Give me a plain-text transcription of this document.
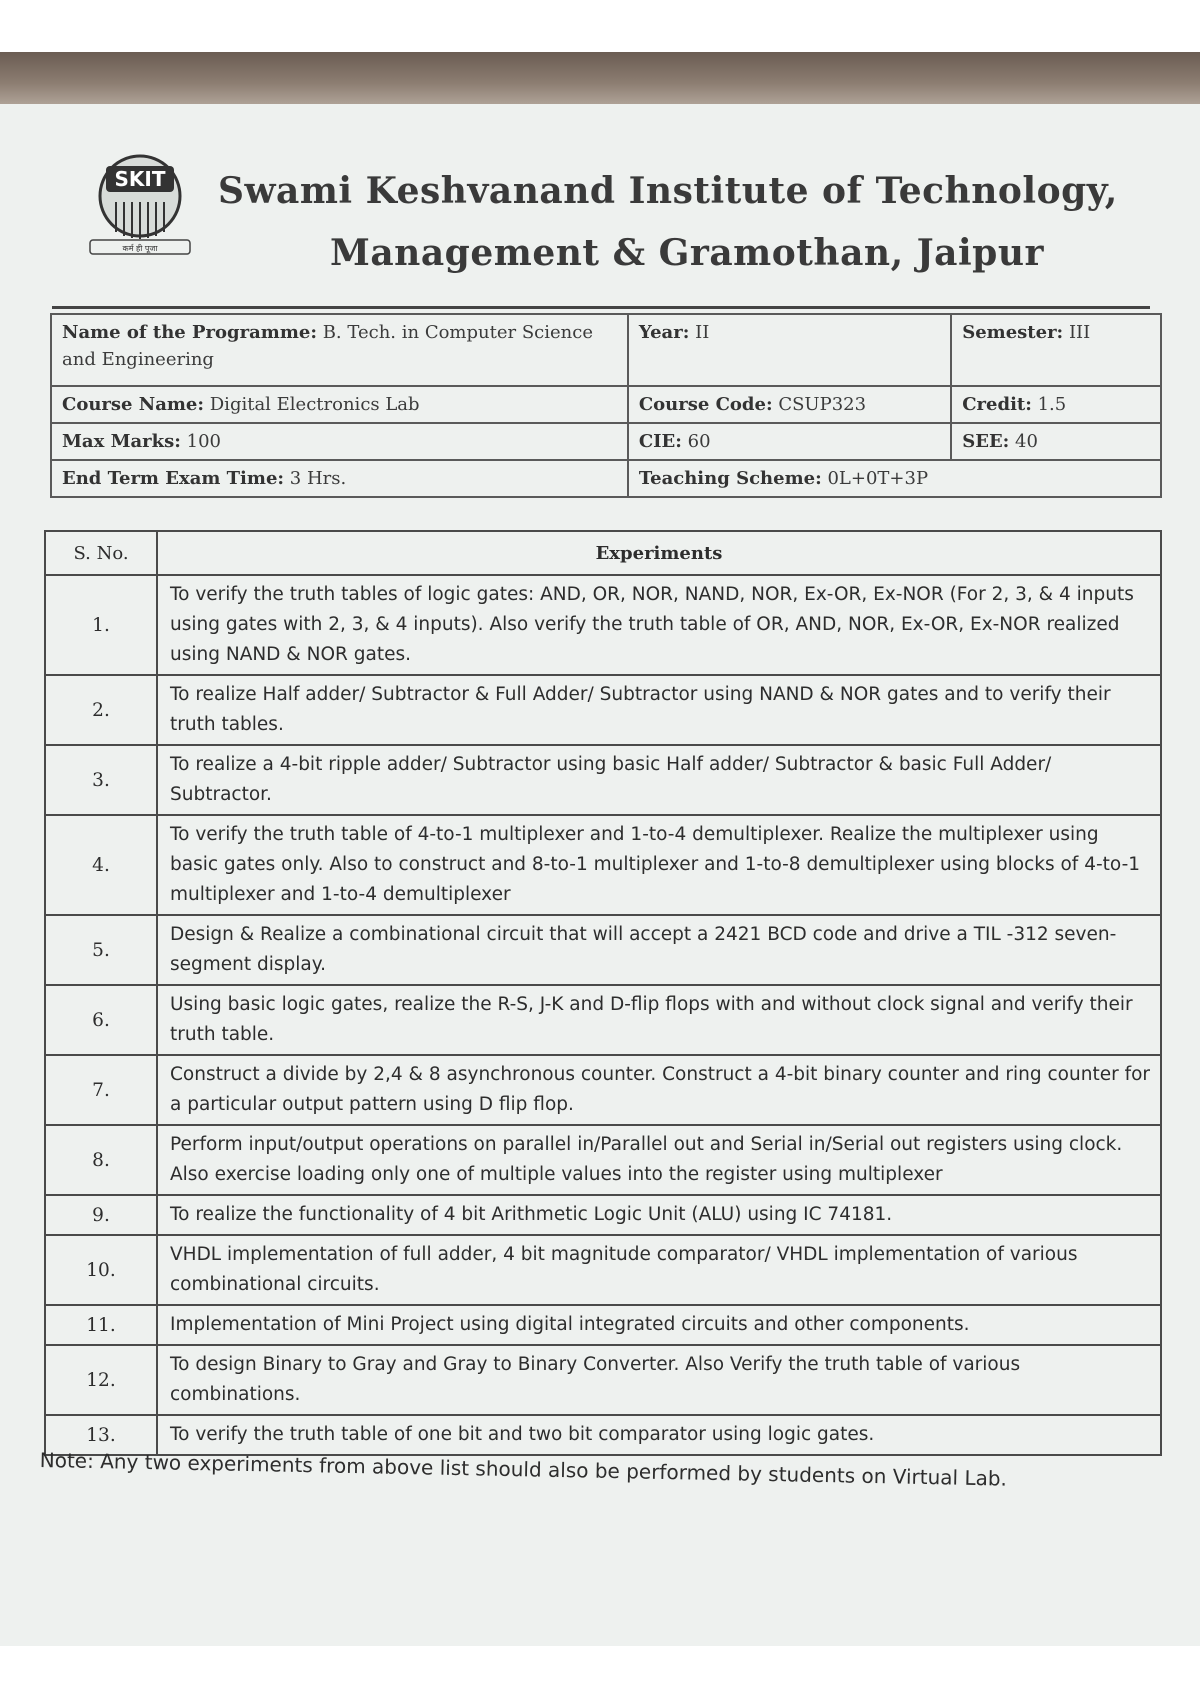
SKIT
कर्म ही पूजा
Swami Keshvanand Institute of Technology,
Management & Gramothan, Jaipur
Name of the Programme: B. Tech. in Computer Science and Engineering	Year: II	Semester: III
Course Name: Digital Electronics Lab	Course Code: CSUP323	Credit: 1.5
Max Marks: 100	CIE: 60	SEE: 40
End Term Exam Time: 3 Hrs.	Teaching Scheme: 0L+0T+3P	
S. No.	Experiments
1.	To verify the truth tables of logic gates: AND, OR, NOR, NAND, NOR, Ex-OR, Ex-NOR (For 2, 3, & 4 inputs using gates with 2, 3, & 4 inputs). Also verify the truth table of OR, AND, NOR, Ex-OR, Ex-NOR realized using NAND & NOR gates.
2.	To realize Half adder/ Subtractor & Full Adder/ Subtractor using NAND & NOR gates and to verify their truth tables.
3.	To realize a 4-bit ripple adder/ Subtractor using basic Half adder/ Subtractor & basic Full Adder/ Subtractor.
4.	To verify the truth table of 4-to-1 multiplexer and 1-to-4 demultiplexer. Realize the multiplexer using basic gates only. Also to construct and 8-to-1 multiplexer and 1-to-8 demultiplexer using blocks of 4-to-1 multiplexer and 1-to-4 demultiplexer
5.	Design & Realize a combinational circuit that will accept a 2421 BCD code and drive a TIL -312 seven-segment display.
6.	Using basic logic gates, realize the R-S, J-K and D-flip flops with and without clock signal and verify their truth table.
7.	Construct a divide by 2,4 & 8 asynchronous counter. Construct a 4-bit binary counter and ring counter for a particular output pattern using D flip flop.
8.	Perform input/output operations on parallel in/Parallel out and Serial in/Serial out registers using clock. Also exercise loading only one of multiple values into the register using multiplexer
9.	To realize the functionality of 4 bit Arithmetic Logic Unit (ALU) using IC 74181.
10.	VHDL implementation of full adder, 4 bit magnitude comparator/ VHDL implementation of various combinational circuits.
11.	Implementation of Mini Project using digital integrated circuits and other components.
12.	To design Binary to Gray and Gray to Binary Converter. Also Verify the truth table of various combinations.
13.	To verify the truth table of one bit and two bit comparator using logic gates.
Note: Any two experiments from above list should also be performed by students on Virtual Lab.
